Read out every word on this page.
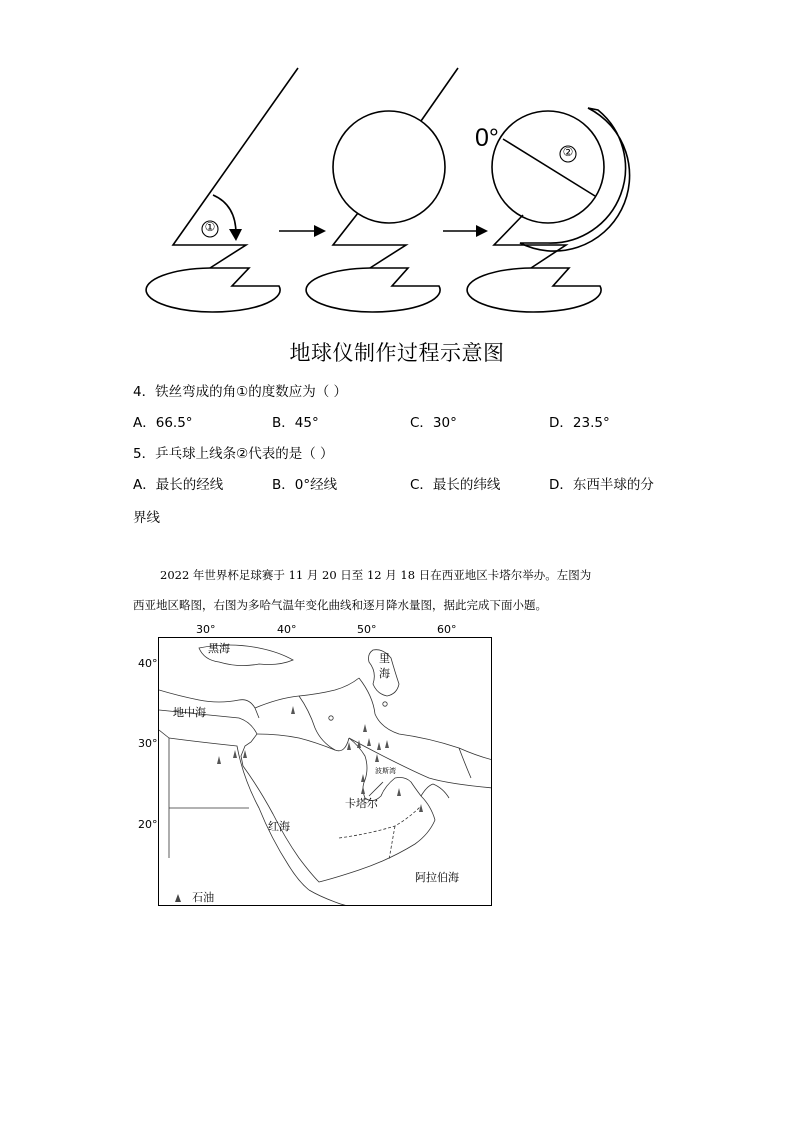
①
②
0°
地球仪制作过程示意图
4．铁丝弯成的角①的度数应为（ ）
A．66.5°	B．45°	C．30°	D．23.5°
5．乒乓球上线条②代表的是（ ）
A．最长的经线	B．0°经线	C．最长的纬线	D．东西半球的分
界线
2022 年世界杯足球赛于 11 月 20 日至 12 月 18 日在西亚地区卡塔尔举办。左图为
西亚地区略图，右图为多哈气温年变化曲线和逐月降水量图，据此完成下面小题。
30°	40°	50°	60°
40°
30°
20°
黑海
里
海
地中海
波斯湾
卡塔尔
红海
阿拉伯海
石油
